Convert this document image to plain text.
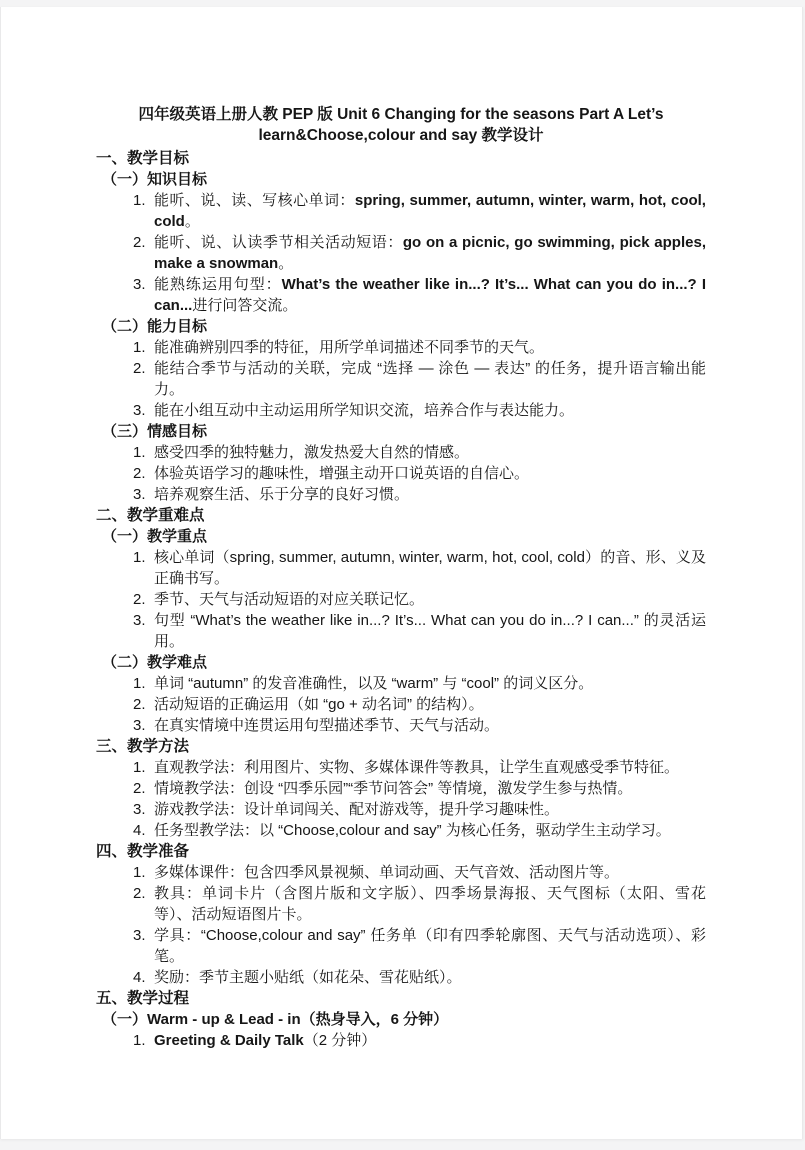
四年级英语上册人教 PEP 版 Unit 6 Changing for the seasons Part A Let’s learn&Choose,colour and say 教学设计

一、教学目标

（一）知识目标

1. 能听、说、读、写核心单词：spring, summer, autumn, winter, warm, hot, cool, cold。
2. 能听、说、认读季节相关活动短语：go on a picnic, go swimming, pick apples, make a snowman。
3. 能熟练运用句型：What’s the weather like in...? It’s... What can you do in...? I can...进行问答交流。

（二）能力目标

1. 能准确辨别四季的特征，用所学单词描述不同季节的天气。
2. 能结合季节与活动的关联，完成 “选择 — 涂色 — 表达” 的任务，提升语言输出能力。
3. 能在小组互动中主动运用所学知识交流，培养合作与表达能力。

（三）情感目标

1. 感受四季的独特魅力，激发热爱大自然的情感。
2. 体验英语学习的趣味性，增强主动开口说英语的自信心。
3. 培养观察生活、乐于分享的良好习惯。

二、教学重难点

（一）教学重点

1. 核心单词（spring, summer, autumn, winter, warm, hot, cool, cold）的音、形、义及正确书写。
2. 季节、天气与活动短语的对应关联记忆。
3. 句型 “What’s the weather like in...? It’s... What can you do in...? I can...” 的灵活运用。

（二）教学难点

1. 单词 “autumn” 的发音准确性，以及 “warm” 与 “cool” 的词义区分。
2. 活动短语的正确运用（如 “go + 动名词” 的结构）。
3. 在真实情境中连贯运用句型描述季节、天气与活动。

三、教学方法

1. 直观教学法：利用图片、实物、多媒体课件等教具，让学生直观感受季节特征。
2. 情境教学法：创设 “四季乐园”“季节问答会” 等情境，激发学生参与热情。
3. 游戏教学法：设计单词闯关、配对游戏等，提升学习趣味性。
4. 任务型教学法：以 “Choose,colour and say” 为核心任务，驱动学生主动学习。

四、教学准备

1. 多媒体课件：包含四季风景视频、单词动画、天气音效、活动图片等。
2. 教具：单词卡片（含图片版和文字版）、四季场景海报、天气图标（太阳、雪花等）、活动短语图片卡。
3. 学具：“Choose,colour and say” 任务单（印有四季轮廓图、天气与活动选项）、彩笔。
4. 奖励：季节主题小贴纸（如花朵、雪花贴纸）。

五、教学过程

（一）Warm - up & Lead - in（热身导入，6 分钟）

1. Greeting & Daily Talk（2 分钟）
